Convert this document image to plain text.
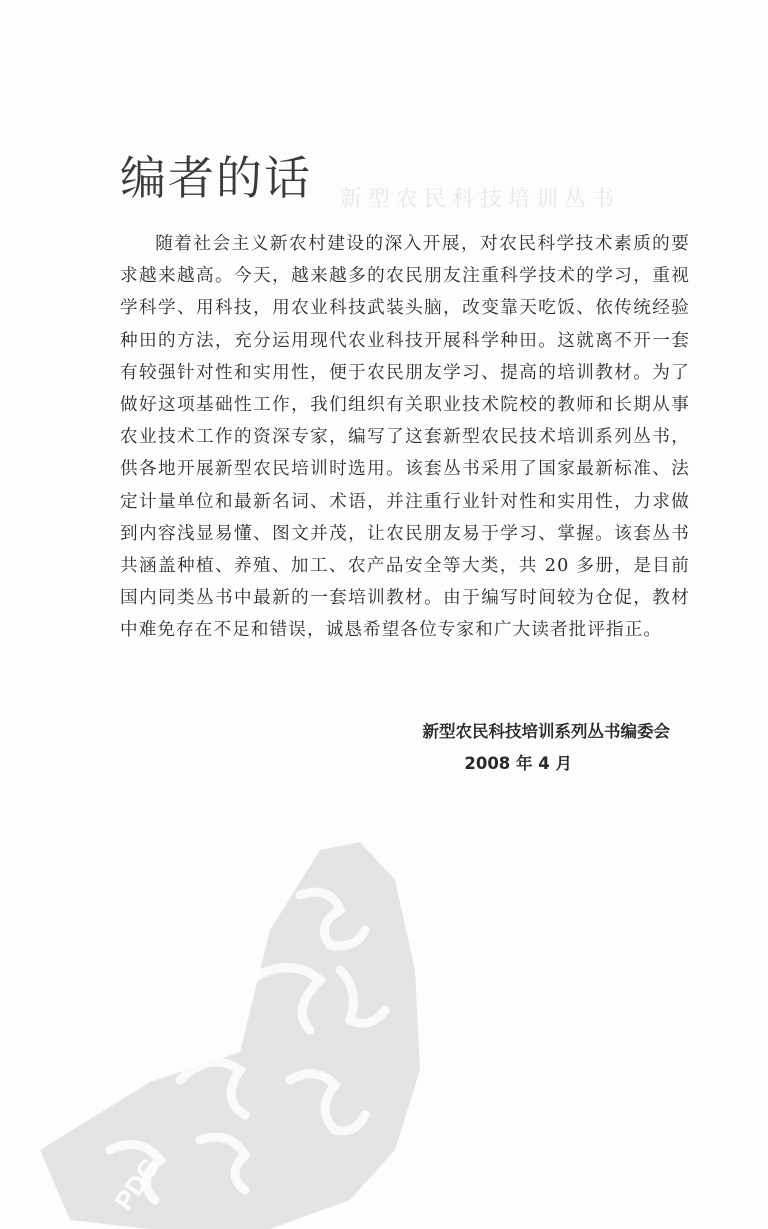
编者的话 新型农民科技培训丛书

随着社会主义新农村建设的深入开展，对农民科学技术素质的要求越来越高。今天，越来越多的农民朋友注重科学技术的学习，重视学科学、用科技，用农业科技武装头脑，改变靠天吃饭、依传统经验种田的方法，充分运用现代农业科技开展科学种田。这就离不开一套有较强针对性和实用性，便于农民朋友学习、提高的培训教材。为了做好这项基础性工作，我们组织有关职业技术院校的教师和长期从事农业技术工作的资深专家，编写了这套新型农民技术培训系列丛书，供各地开展新型农民培训时选用。该套丛书采用了国家最新标准、法定计量单位和最新名词、术语，并注重行业针对性和实用性，力求做到内容浅显易懂、图文并茂，让农民朋友易于学习、掌握。该套丛书共涵盖种植、养殖、加工、农产品安全等大类，共 20 多册，是目前国内同类丛书中最新的一套培训教材。由于编写时间较为仓促，教材中难免存在不足和错误，诚恳希望各位专家和广大读者批评指正。

新型农民科技培训系列丛书编委会
2008 年 4 月
PDG
